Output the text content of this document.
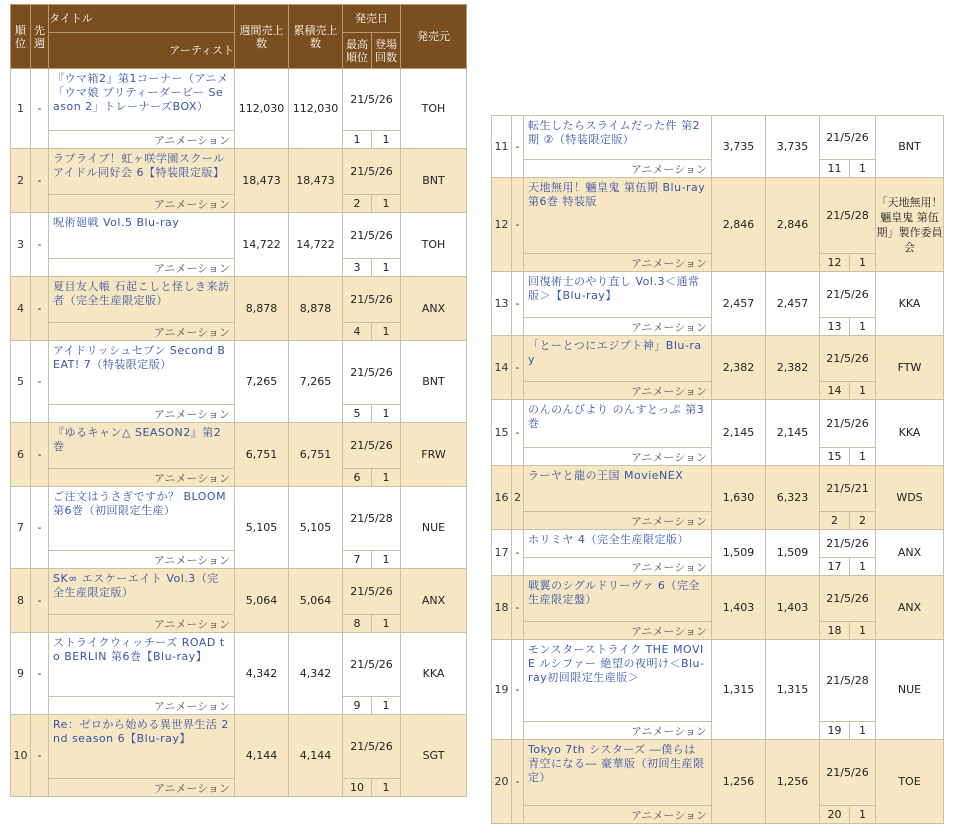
順位	先週	タイトル	週間売上数	累積売上数	発売日		発売元
		アーティスト			最高順位	登場回数	

1	-	『ウマ箱2』第1コーナー（アニメ「ウマ娘 プリティーダービー Season 2」トレーナーズBOX）	112,030	112,030	21/5/26		TOH
		アニメーション			1	1	
2	-	ラブライブ！虹ヶ咲学園スクールアイドル同好会 6【特装限定版】	18,473	18,473	21/5/26		BNT
		アニメーション			2	1	
3	-	呪術廻戦 Vol.5 Blu-ray	14,722	14,722	21/5/26		TOH
		アニメーション			3	1	
4	-	夏目友人帳 石起こしと怪しき来訪者（完全生産限定版）	8,878	8,878	21/5/26		ANX
		アニメーション			4	1	
5	-	アイドリッシュセブン Second BEAT! 7（特装限定版）	7,265	7,265	21/5/26		BNT
		アニメーション			5	1	
6	-	『ゆるキャン△ SEASON2』第2巻	6,751	6,751	21/5/26		FRW
		アニメーション			6	1	
7	-	ご注文はうさぎですか？ BLOOM 第6巻（初回限定生産）	5,105	5,105	21/5/28		NUE
		アニメーション			7	1	
8	-	SK∞ エスケーエイト Vol.3（完全生産限定版）	5,064	5,064	21/5/26		ANX
		アニメーション			8	1	
9	-	ストライクウィッチーズ ROAD to BERLIN 第6巻【Blu-ray】	4,342	4,342	21/5/26		KKA
		アニメーション			9	1	
10	-	Re：ゼロから始める異世界生活 2nd season 6【Blu-ray】	4,144	4,144	21/5/26		SGT
		アニメーション			10	1	
11	-	転生したらスライムだった件 第2期 ②（特装限定版）	3,735	3,735	21/5/26		BNT
		アニメーション			11	1	
12	-	天地無用！魎皇鬼 第伍期 Blu-ray第6巻 特装版	2,846	2,846	21/5/28		「天地無用！魎皇鬼 第伍期」製作委員会
		アニメーション			12	1	
13	-	回復術士のやり直し Vol.3＜通常版＞【Blu-ray】	2,457	2,457	21/5/26		KKA
		アニメーション			13	1	
14	-	「とーとつにエジプト神」Blu-ray	2,382	2,382	21/5/26		FTW
		アニメーション			14	1	
15	-	のんのんびより のんすとっぷ 第3巻	2,145	2,145	21/5/26		KKA
		アニメーション			15	1	
16	2	ラーヤと龍の王国 MovieNEX	1,630	6,323	21/5/21		WDS
		アニメーション			2	2	
17	-	ホリミヤ 4（完全生産限定版）	1,509	1,509	21/5/26		ANX
		アニメーション			17	1	
18	-	戦翼のシグルドリーヴァ 6（完全生産限定盤）	1,403	1,403	21/5/26		ANX
		アニメーション			18	1	
19	-	モンスターストライク THE MOVIE ルシファー 絶望の夜明け＜Blu-ray初回限定生産版＞	1,315	1,315	21/5/28		NUE
		アニメーション			19	1	
20	-	Tokyo 7th シスターズ ―僕らは青空になる― 豪華版（初回生産限定）	1,256	1,256	21/5/26		TOE
		アニメーション			20	1	
